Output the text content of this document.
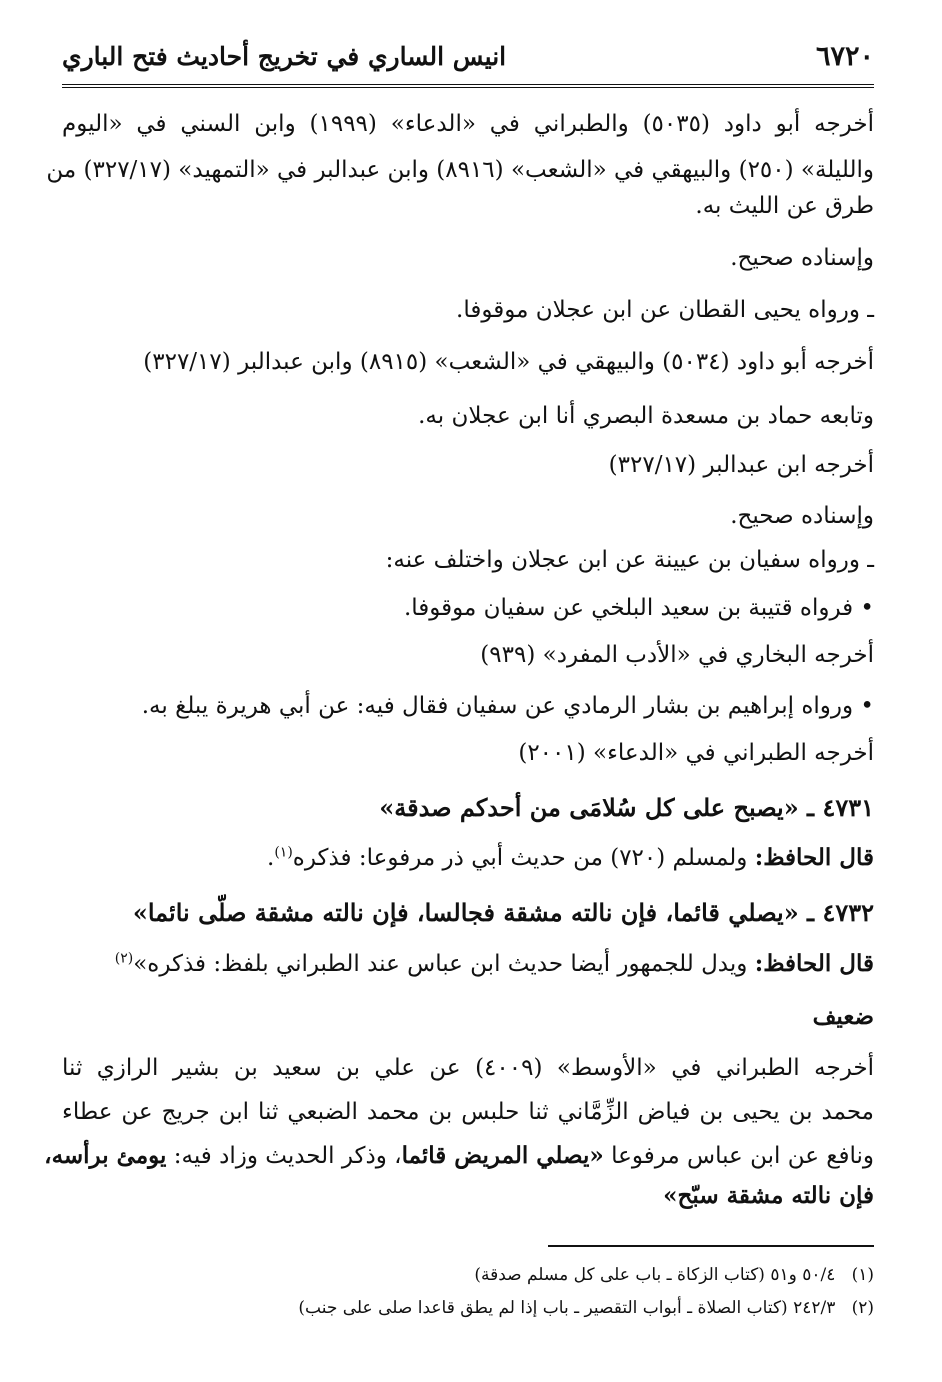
٦٧٢٠
انيس الساري في تخريج أحاديث فتح الباري
أخرجه أبو داود (٥٠٣٥) والطبراني في «الدعاء» (١٩٩٩) وابن السني في «اليوم
والليلة» (٢٥٠) والبيهقي في «الشعب» (٨٩١٦) وابن عبدالبر في «التمهيد» (٣٢٧/١٧) من
طرق عن الليث به.
وإسناده صحيح.
ـ ورواه يحيى القطان عن ابن عجلان موقوفا.
أخرجه أبو داود (٥٠٣٤) والبيهقي في «الشعب» (٨٩١٥) وابن عبدالبر (٣٢٧/١٧)
وتابعه حماد بن مسعدة البصري أنا ابن عجلان به.
أخرجه ابن عبدالبر (٣٢٧/١٧)
وإسناده صحيح.
ـ ورواه سفيان بن عيينة عن ابن عجلان واختلف عنه:
• فرواه قتيبة بن سعيد البلخي عن سفيان موقوفا.
أخرجه البخاري في «الأدب المفرد» (٩٣٩)
• ورواه إبراهيم بن بشار الرمادي عن سفيان فقال فيه: عن أبي هريرة يبلغ به.
أخرجه الطبراني في «الدعاء» (٢٠٠١)
٤٧٣١ ـ «يصبح على كل سُلامَى من أحدكم صدقة»
قال الحافظ: ولمسلم (٧٢٠) من حديث أبي ذر مرفوعا: فذكره$^{(١)}$.
٤٧٣٢ ـ «يصلي قائما، فإن نالته مشقة فجالسا، فإن نالته مشقة صلّى نائما»
قال الحافظ: ويدل للجمهور أيضا حديث ابن عباس عند الطبراني بلفظ: فذكره»$^{(٢)}$
ضعيف
أخرجه الطبراني في «الأوسط» (٤٠٠٩) عن علي بن سعيد بن بشير الرازي ثنا
محمد بن يحيى بن فياض الزِّمَّاني ثنا حلبس بن محمد الضبعي ثنا ابن جريج عن عطاء
ونافع عن ابن عباس مرفوعا «يصلي المريض قائما، وذكر الحديث وزاد فيه: يومئ برأسه،
فإن نالته مشقة سبّح»
(١)   ٥٠/٤ و٥١ (كتاب الزكاة ـ باب على كل مسلم صدقة)
(٢)   ٢٤٢/٣ (كتاب الصلاة ـ أبواب التقصير ـ باب إذا لم يطق قاعدا صلى على جنب)
